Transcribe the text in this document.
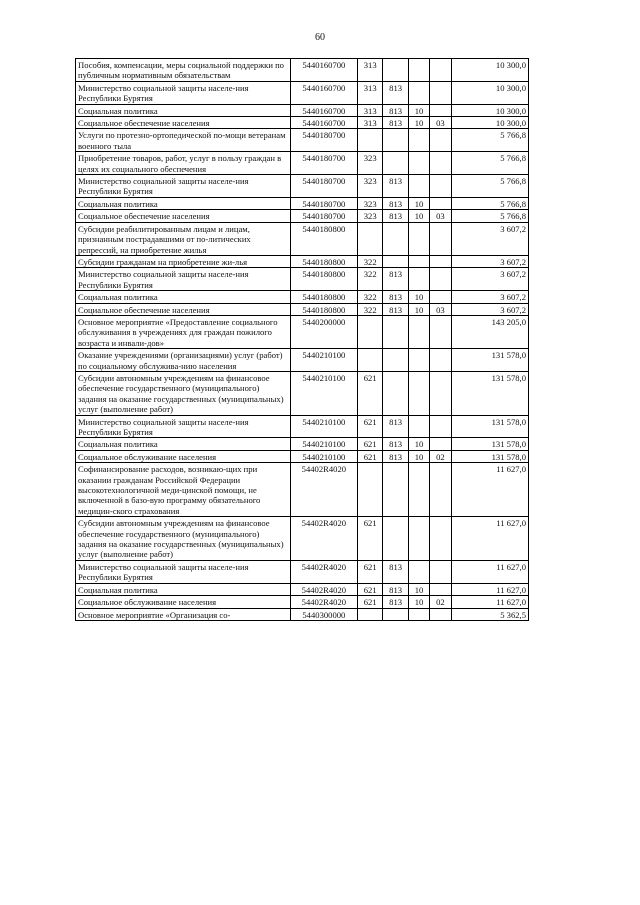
60
Пособия, компенсации, меры социальной поддержки по публичным нормативным обязательствам	5440160700	313				10 300,0
Министерство социальной защиты населе-ния Республики Бурятия	5440160700	313	813			10 300,0
Социальная политика	5440160700	313	813	10		10 300,0
Социальное обеспечение населения	5440160700	313	813	10	03	10 300,0
Услуги по протезно-ортопедической по-мощи ветеранам военного тыла	5440180700					5 766,8
Приобретение товаров, работ, услуг в пользу граждан в целях их социального обеспечения	5440180700	323				5 766,8
Министерство социальной защиты населе-ния Республики Бурятия	5440180700	323	813			5 766,8
Социальная политика	5440180700	323	813	10		5 766,8
Социальное обеспечение населения	5440180700	323	813	10	03	5 766,8
Субсидии реабилитированным лицам и лицам, признанным пострадавшими от по-литических репрессий, на приобретение жилья	5440180800					3 607,2
Субсидии гражданам на приобретение жи-лья	5440180800	322				3 607,2
Министерство социальной защиты населе-ния Республики Бурятия	5440180800	322	813			3 607,2
Социальная политика	5440180800	322	813	10		3 607,2
Социальное обеспечение населения	5440180800	322	813	10	03	3 607,2
Основное мероприятие «Предоставление социального обслуживания в учреждениях для граждан пожилого возраста и инвали-дов»	5440200000					143 205,0
Оказание учреждениями (организациями) услуг (работ) по социальному обслужива-нию населения	5440210100					131 578,0
Субсидии автономным учреждениям на финансовое обеспечение государственного (муниципального) задания на оказание государственных (муниципальных) услуг (выполнение работ)	5440210100	621				131 578,0
Министерство социальной защиты населе-ния Республики Бурятия	5440210100	621	813			131 578,0
Социальная политика	5440210100	621	813	10		131 578,0
Социальное обслуживание населения	5440210100	621	813	10	02	131 578,0
Софинансирование расходов, возникаю-щих при оказании гражданам Российской Федерации высокотехнологичной меди-цинской помощи, не включенной в базо-вую программу обязательного медицин-ского страхования	54402R4020					11 627,0
Субсидии автономным учреждениям на финансовое обеспечение государственного (муниципального) задания на оказание государственных (муниципальных) услуг (выполнение работ)	54402R4020	621				11 627,0
Министерство социальной защиты населе-ния Республики Бурятия	54402R4020	621	813			11 627,0
Социальная политика	54402R4020	621	813	10		11 627,0
Социальное обслуживание населения	54402R4020	621	813	10	02	11 627,0
Основное мероприятие «Организация со-	5440300000					5 362,5
